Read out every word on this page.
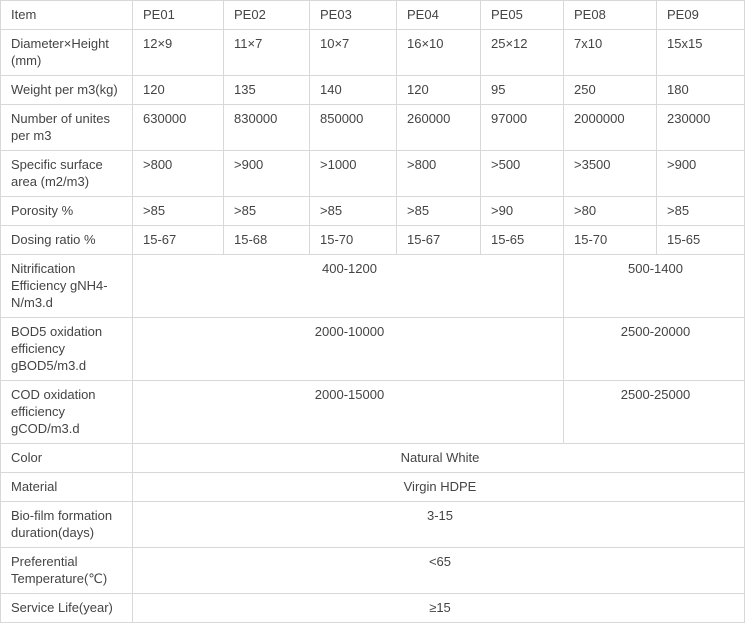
Item	PE01	PE02	PE03	PE04	PE05	PE08	PE09
Diameter×Height (mm)	12×9	11×7	10×7	16×10	25×12	7x10	15x15
Weight per m3(kg)	120	135	140	120	95	250	180
Number of unites per m3	630000	830000	850000	260000	97000	2000000	230000
Specific surface area (m2/m3)	>800	>900	>1000	>800	>500	>3500	>900
Porosity %	>85	>85	>85	>85	>90	>80	>85
Dosing ratio %	15-67	15-68	15-70	15-67	15-65	15-70	15-65
Nitrification Efficiency gNH4-N/m3.d	400-1200					500-1400	
BOD5 oxidation efficiency gBOD5/m3.d	2000-10000					2500-20000	
COD oxidation efficiency gCOD/m3.d	2000-15000					2500-25000	
Color	Natural White						
Material	Virgin HDPE						
Bio-film formation duration(days)	3-15						
Preferential Temperature(℃)	<65						
Service Life(year)	≥15						
